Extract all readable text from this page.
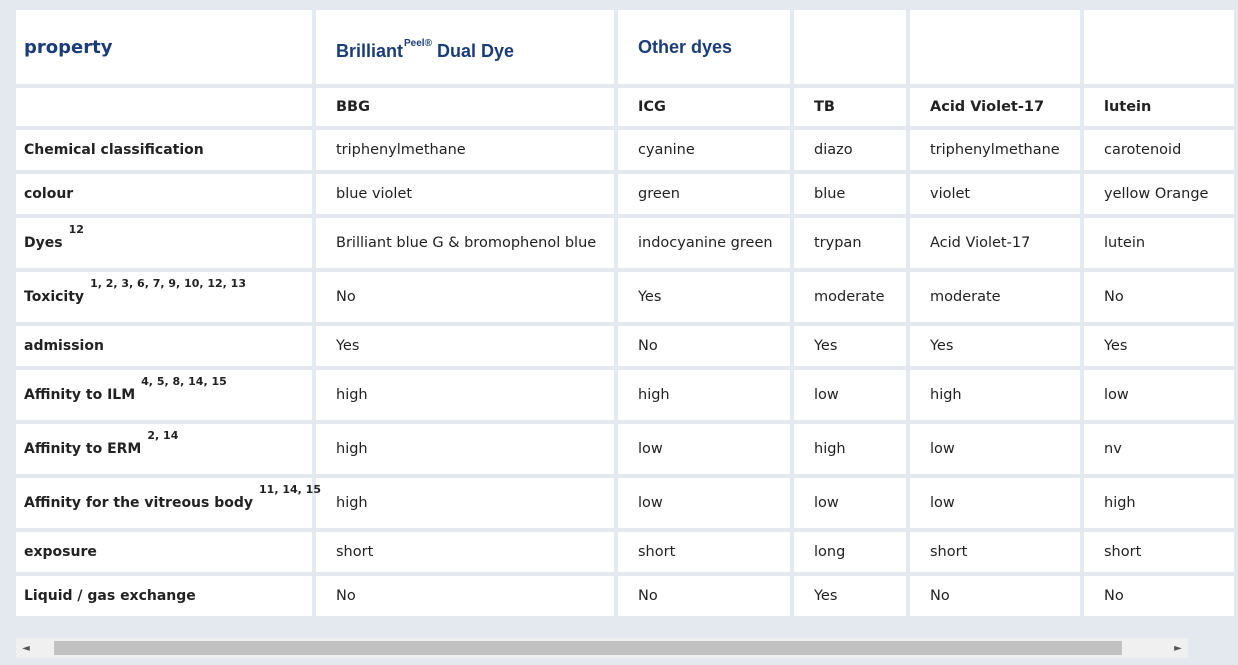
property	Brilliant$^{Peel®}$ Dual Dye	Other dyes			
	BBG	ICG	TB	Acid Violet-17	lutein
Chemical classification	triphenylmethane	cyanine	diazo	triphenylmethane	carotenoid
colour	blue violet	green	blue	violet	yellow Orange
Dyes$^{12}$	Brilliant blue G & bromophenol blue	indocyanine green	trypan	Acid Violet-17	lutein
Toxicity$^{1, 2, 3, 6, 7, 9, 10, 12, 13}$	No	Yes	moderate	moderate	No
admission	Yes	No	Yes	Yes	Yes
Affinity to ILM$^{4, 5, 8, 14, 15}$	high	high	low	high	low
Affinity to ERM$^{2, 14}$	high	low	high	low	nv
Affinity for the vitreous body$^{11, 14, 15}$	high	low	low	low	high
exposure	short	short	long	short	short
Liquid / gas exchange	No	No	Yes	No	No
◄	►
